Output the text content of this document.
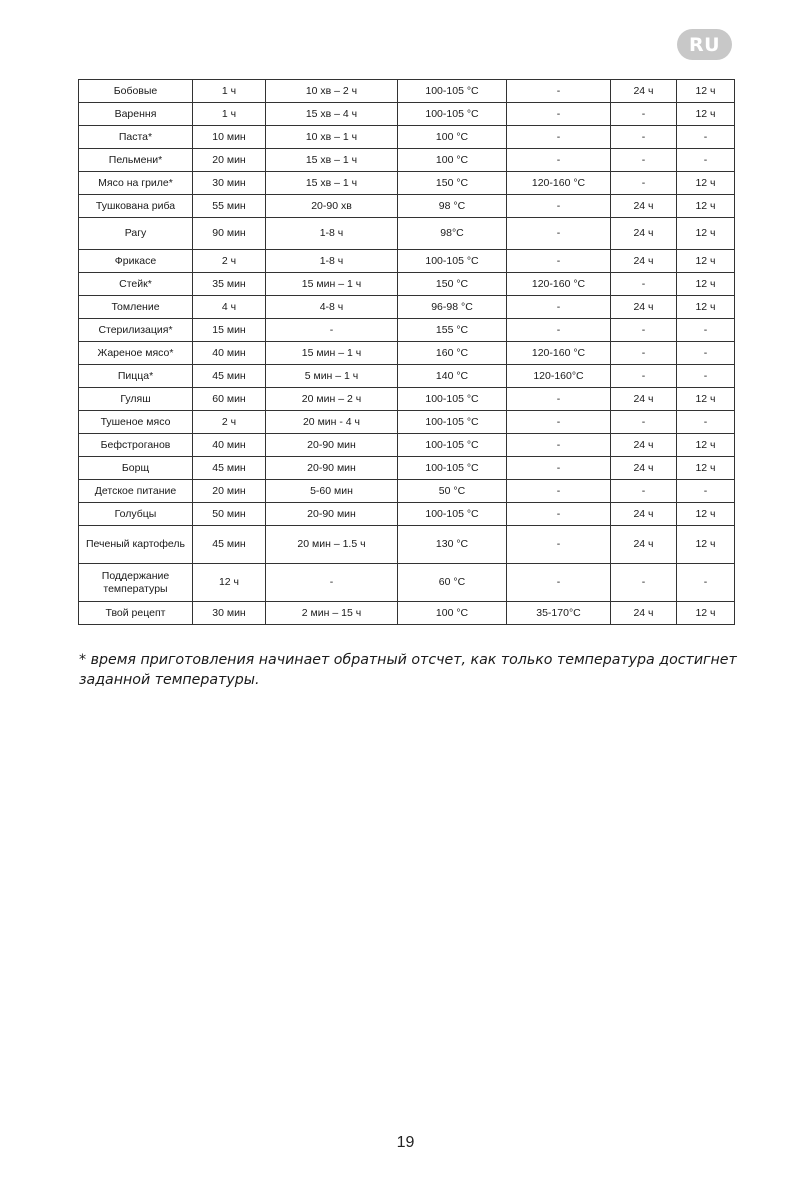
RU
Бобовые	1 ч	10 хв – 2 ч	100-105 °C	-	24 ч	12 ч
Варення	1 ч	15 хв – 4 ч	100-105 °C	-	-	12 ч
Паста*	10 мин	10 хв – 1 ч	100 °C	-	-	-
Пельмени*	20 мин	15 хв – 1 ч	100 °C	-	-	-
Мясо на гриле*	30 мин	15 хв – 1 ч	150 °C	120-160 °C	-	12 ч
Тушкована риба	55 мин	20-90 хв	98 °C	-	24 ч	12 ч
Рагу	90 мин	1-8 ч	98°C	-	24 ч	12 ч
Фрикасе	2 ч	1-8 ч	100-105 °C	-	24 ч	12 ч
Стейк*	35 мин	15 мин – 1 ч	150 °C	120-160 °C	-	12 ч
Томление	4 ч	4-8 ч	96-98 °C	-	24 ч	12 ч
Стерилизация*	15 мин	-	155 °C	-	-	-
Жареное мясо*	40 мин	15 мин – 1 ч	160 °C	120-160 °C	-	-
Пицца*	45 мин	5 мин – 1 ч	140 °C	120-160°C	-	-
Гуляш	60 мин	20 мин – 2 ч	100-105 °C	-	24 ч	12 ч
Тушеное мясо	2 ч	20 мин - 4 ч	100-105 °C	-	-	-
Бефстроганов	40 мин	20-90 мин	100-105 °C	-	24 ч	12 ч
Борщ	45 мин	20-90 мин	100-105 °C	-	24 ч	12 ч
Детское питание	20 мин	5-60 мин	50 °C	-	-	-
Голубцы	50 мин	20-90 мин	100-105 °C	-	24 ч	12 ч
Печеный картофель	45 мин	20 мин – 1.5 ч	130 °C	-	24 ч	12 ч
Поддержание температуры	12 ч	-	60 °C	-	-	-
Твой рецепт	30 мин	2 мин – 15 ч	100 °C	35-170°C	24 ч	12 ч
* время приготовления начинает обратный отсчет, как только температура достигнет заданной температуры.
19
